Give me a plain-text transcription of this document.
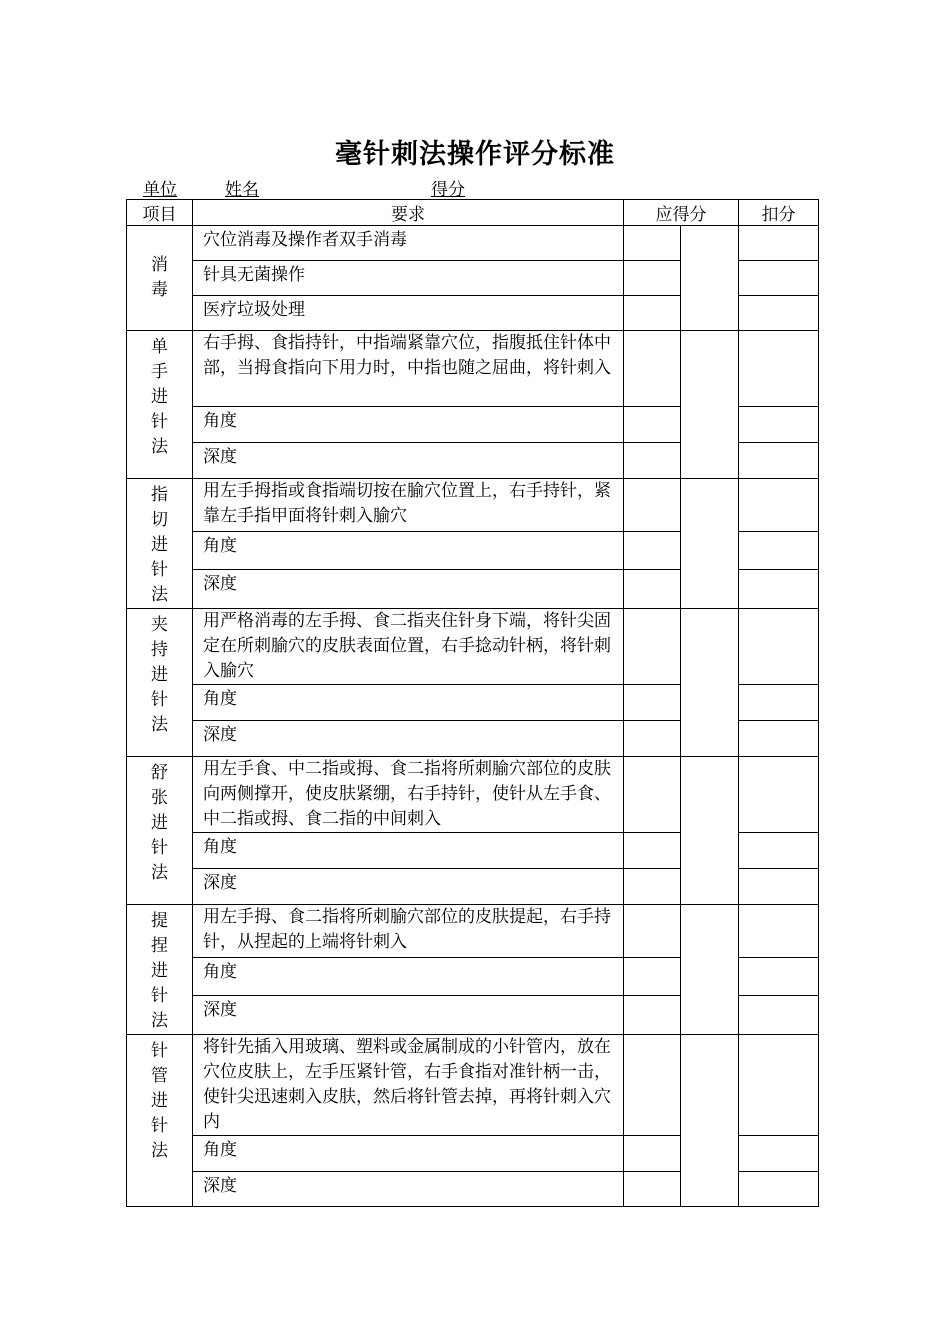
毫针刺法操作评分标准
单位	姓名	得分
项目	要求	应得分		扣分
消
毒	穴位消毒及操作者双手消毒			
	针具无菌操作			
	医疗垃圾处理			
单
手
进
针
法	右手拇、食指持针，中指端紧靠穴位，指腹抵住针体中部，当拇食指向下用力时，中指也随之屈曲，将针刺入			
	角度			
	深度			
指
切
进
针
法	用左手拇指或食指端切按在腧穴位置上，右手持针，紧靠左手指甲面将针刺入腧穴			
	角度			
	深度			
夹
持
进
针
法	用严格消毒的左手拇、食二指夹住针身下端，将针尖固定在所刺腧穴的皮肤表面位置，右手捻动针柄，将针刺入腧穴			
	角度			
	深度			
舒
张
进
针
法	用左手食、中二指或拇、食二指将所刺腧穴部位的皮肤向两侧撑开，使皮肤紧绷，右手持针，使针从左手食、中二指或拇、食二指的中间刺入			
	角度			
	深度			
提
捏
进
针
法	用左手拇、食二指将所刺腧穴部位的皮肤提起，右手持针，从捏起的上端将针刺入			
	角度			
	深度			
针
管
进
针
法	将针先插入用玻璃、塑料或金属制成的小针管内，放在穴位皮肤上，左手压紧针管，右手食指对准针柄一击，使针尖迅速刺入皮肤，然后将针管去掉，再将针刺入穴内			
	角度			
	深度			
